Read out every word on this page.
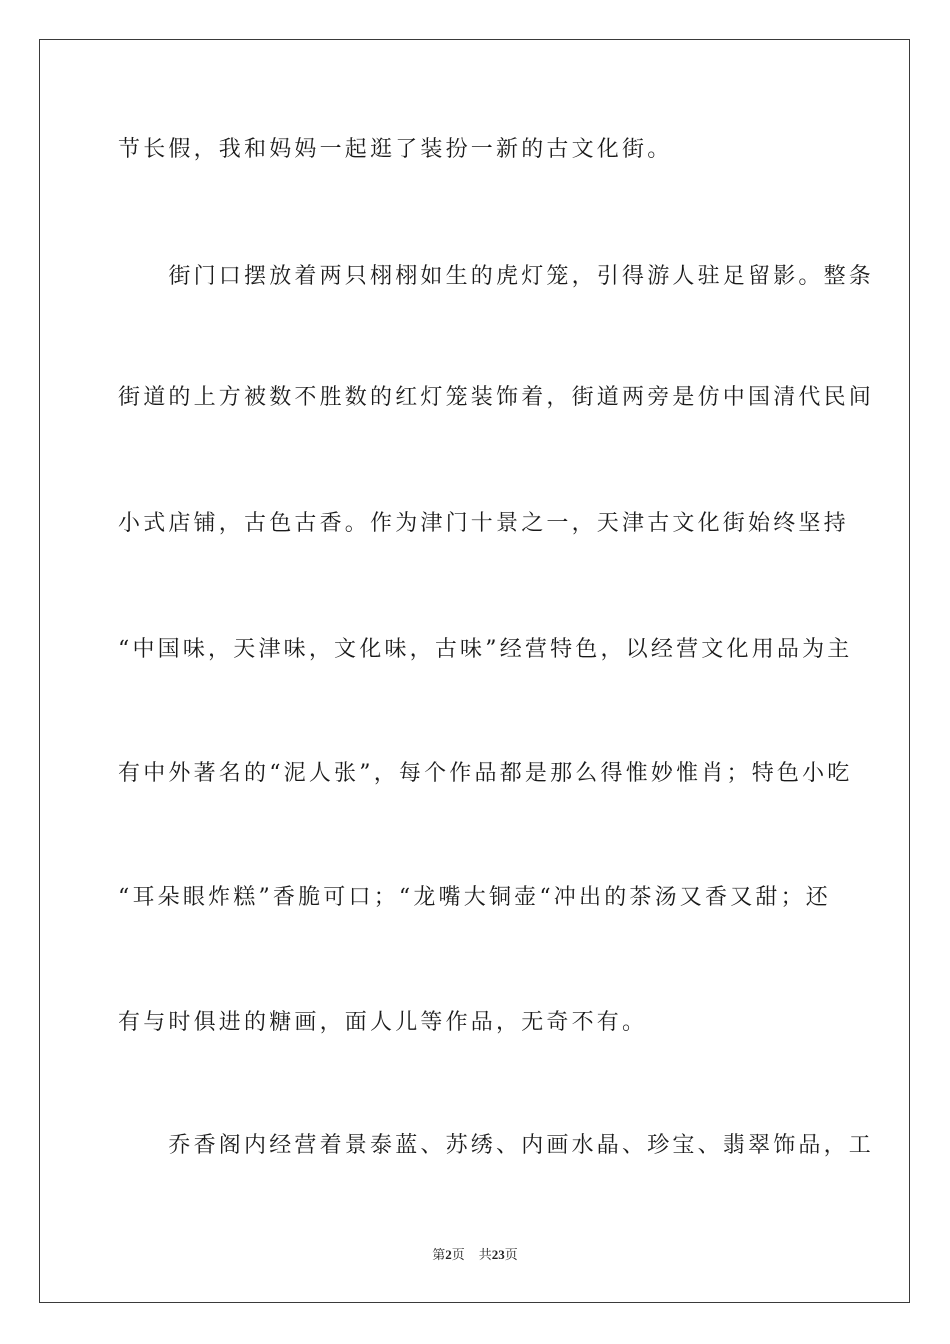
节长假，我和妈妈一起逛了装扮一新的古文化街。
　　街门口摆放着两只栩栩如生的虎灯笼，引得游人驻足留影。整条
街道的上方被数不胜数的红灯笼装饰着，街道两旁是仿中国清代民间
小式店铺，古色古香。作为津门十景之一，天津古文化街始终坚持
“中国味，天津味，文化味，古味”经营特色，以经营文化用品为主
有中外著名的“泥人张”，每个作品都是那么得惟妙惟肖；特色小吃
“耳朵眼炸糕”香脆可口；“龙嘴大铜壶“冲出的茶汤又香又甜；还
有与时俱进的糖画，面人儿等作品，无奇不有。
　　乔香阁内经营着景泰蓝、苏绣、内画水晶、珍宝、翡翠饰品，工
第2页 共23页
